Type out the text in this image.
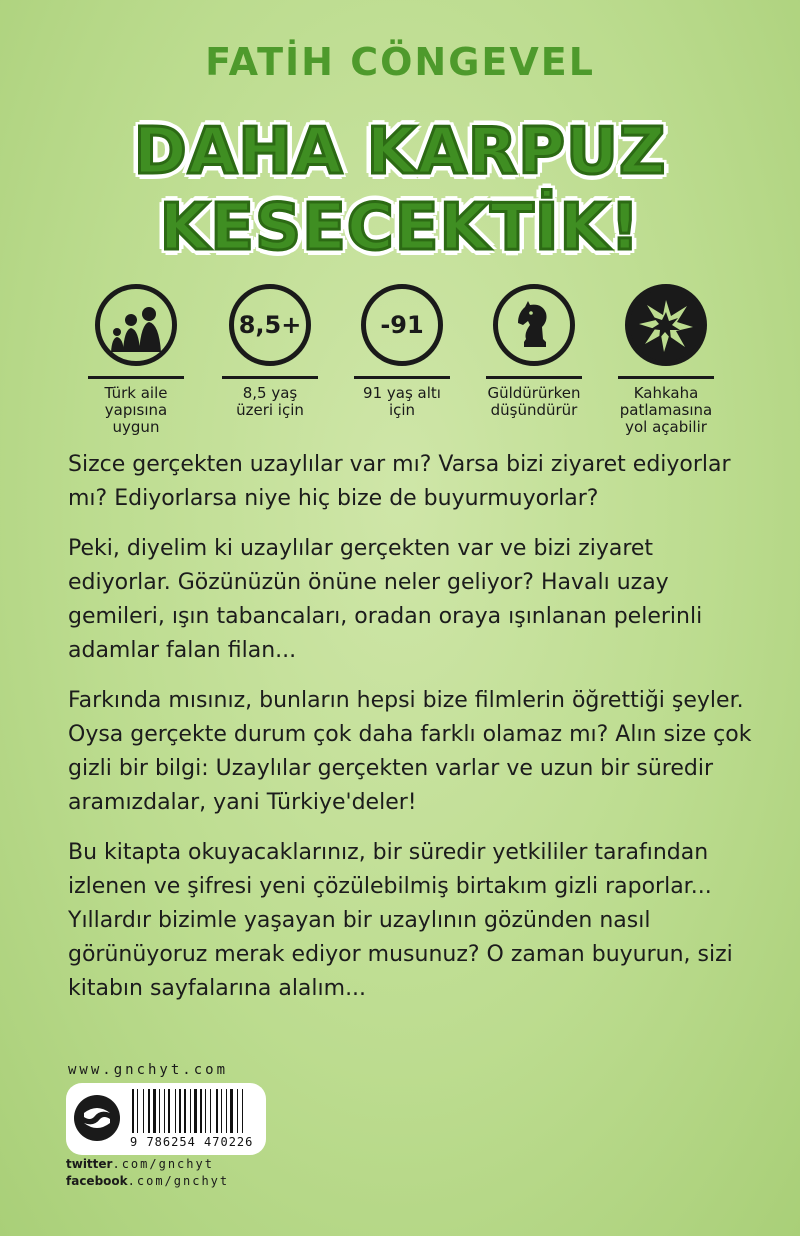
FATİH CÖNGEVEL
DAHA KARPUZ
KESECEKTİK!
Türk aile yapısına uygun
8,5+
8,5 yaş üzeri için
-91
91 yaş altı için
Güldürürken düşündürür
Kahkaha patlamasına yol açabilir

Sizce gerçekten uzaylılar var mı? Varsa bizi ziyaret ediyorlar mı? Ediyorlarsa niye hiç bize de buyurmuyorlar?

Peki, diyelim ki uzaylılar gerçekten var ve bizi ziyaret ediyorlar. Gözünüzün önüne neler geliyor? Havalı uzay gemileri, ışın tabancaları, oradan oraya ışınlanan pelerinli adamlar falan filan...

Farkında mısınız, bunların hepsi bize filmlerin öğrettiği şeyler. Oysa gerçekte durum çok daha farklı olamaz mı? Alın size çok gizli bir bilgi: Uzaylılar gerçekten varlar ve uzun bir süredir aramızdalar, yani Türkiye'deler!

Bu kitapta okuyacaklarınız, bir süredir yetkililer tarafından izlenen ve şifresi yeni çözülebilmiş birtakım gizli raporlar... Yıllardır bizimle yaşayan bir uzaylının gözünden nasıl görünüyoruz merak ediyor musunuz? O zaman buyurun, sizi kitabın sayfalarına alalım...

www.gnchyt.com
9 786254 470226
twitter.com/gnchyt
facebook.com/gnchyt
